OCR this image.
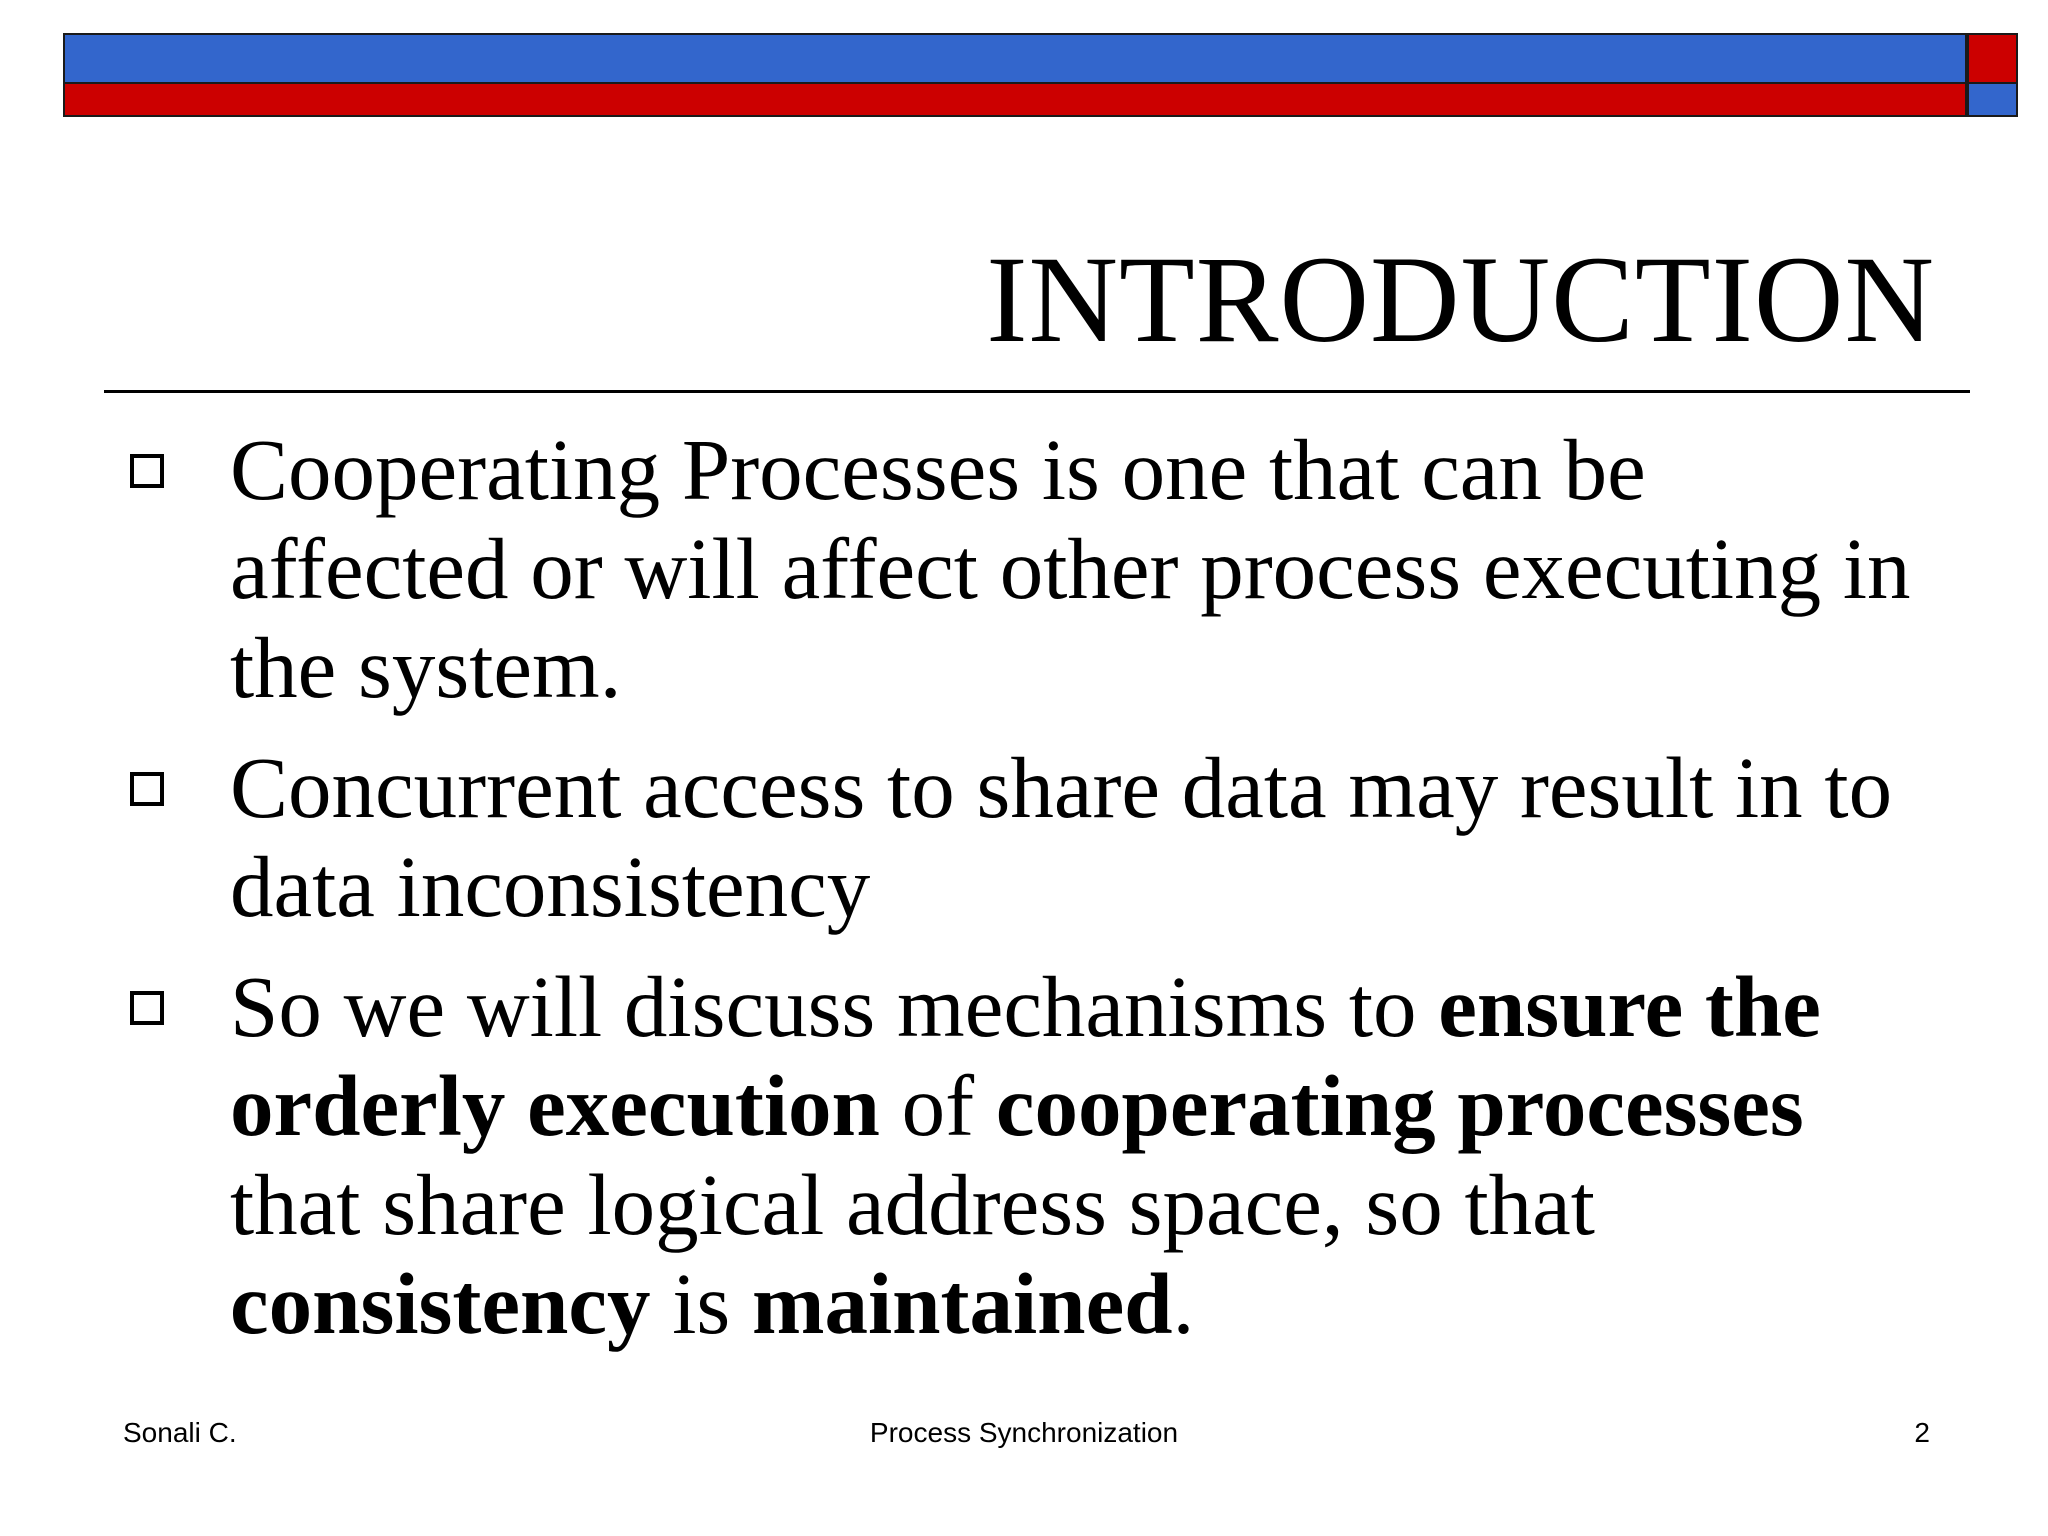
INTRODUCTION
Cooperating Processes is one that can be affected or will affect other process executing in the system.
Concurrent access to share data may result in to data inconsistency
So we will discuss mechanisms to ensure the orderly execution of cooperating processes that share logical address space, so that consistency is maintained.
Sonali C.	Process Synchronization	2
